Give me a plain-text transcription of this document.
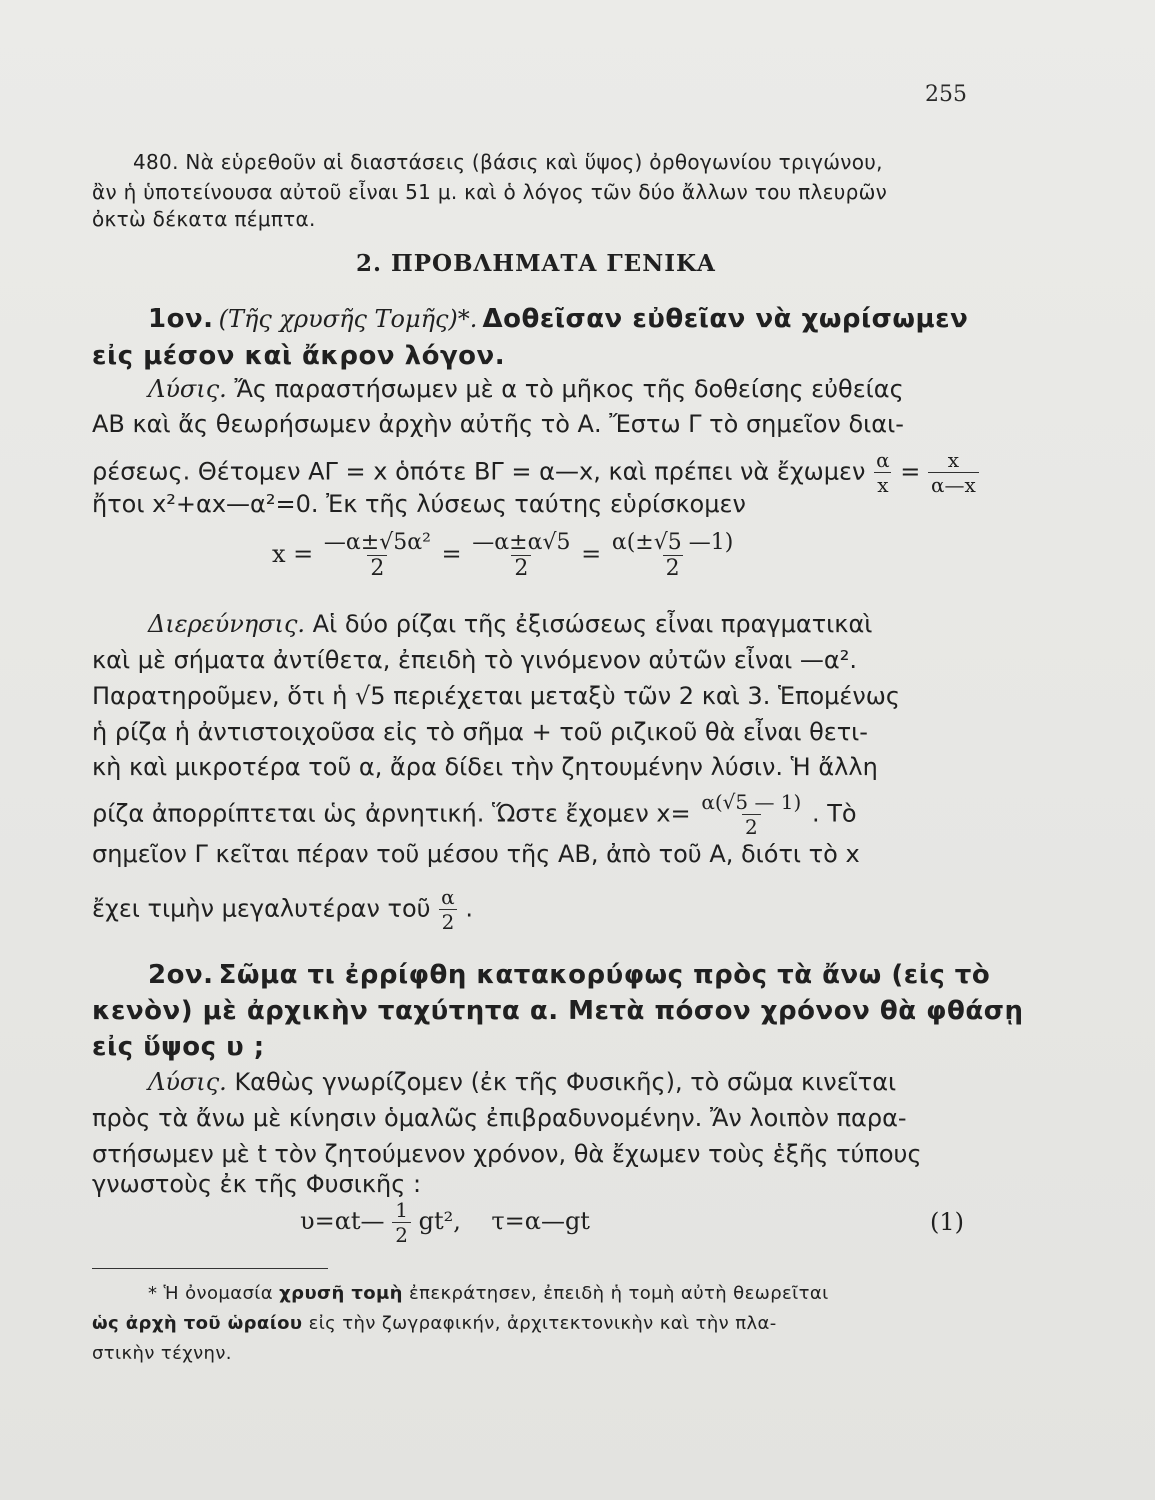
255
480. Νὰ εὑρεθοῦν αἱ διαστάσεις (βάσις καὶ ὕψος) ὀρθογωνίου τριγώνου,
ἂν ἡ ὑποτείνουσα αὐτοῦ εἶναι 51 μ. καὶ ὁ λόγος τῶν δύο ἄλλων του πλευρῶν
ὀκτὼ δέκατα πέμπτα.
2. ΠΡΟΒΛΗΜΑΤΑ ΓΕΝΙΚΑ
1ον. (Τῆς χρυσῆς Τομῆς)*. Δοθεῖσαν εὐθεῖαν νὰ χωρίσωμεν
εἰς μέσον καὶ ἄκρον λόγον.
Λύσις. Ἄς παραστήσωμεν μὲ α τὸ μῆκος τῆς δοθείσης εὐθείας
ΑΒ καὶ ἄς θεωρήσωμεν ἀρχὴν αὐτῆς τὸ Α. Ἔστω Γ τὸ σημεῖον διαι-
ρέσεως. Θέτομεν ΑΓ = x ὁπότε ΒΓ = α—x, καὶ πρέπει νὰ ἔχωμεν $\frac{\alpha}{x} = \frac{x}{\alpha—x}$
ἤτοι x²+αx—α²=0. Ἐκ τῆς λύσεως ταύτης εὑρίσκομεν
$x = \frac{\text{—α±√5α²}}{2} = \frac{—\alpha\pm\alpha√5}{2} = \frac{\alpha(\pm√5 —1)}{2}$
Διερεύνησις. Αἱ δύο ρίζαι τῆς ἐξισώσεως εἶναι πραγματικαὶ
καὶ μὲ σήματα ἀντίθετα, ἐπειδὴ τὸ γινόμενον αὐτῶν εἶναι —α².
Παρατηροῦμεν, ὅτι ἡ √5 περιέχεται μεταξὺ τῶν 2 καὶ 3. Ἑπομένως
ἡ ρίζα ἡ ἀντιστοιχοῦσα εἰς τὸ σῆμα + τοῦ ριζικοῦ θὰ εἶναι θετι-
κὴ καὶ μικροτέρα τοῦ α, ἄρα δίδει τὴν ζητουμένην λύσιν. Ἡ ἄλλη
ρίζα ἀπορρίπτεται ὡς ἀρνητική. Ὥστε ἔχομεν $x= \frac{\alpha(√5 — 1)}{2}$ . Τὸ
σημεῖον Γ κεῖται πέραν τοῦ μέσου τῆς ΑΒ, ἀπὸ τοῦ Α, διότι τὸ x
ἔχει τιμὴν μεγαλυτέραν τοῦ $\frac{\alpha}{2}$ .
2ον. Σῶμα τι ἐρρίφθη κατακορύφως πρὸς τὰ ἄνω (εἰς τὸ
κενὸν) μὲ ἀρχικὴν ταχύτητα α. Μετὰ πόσον χρόνον θὰ φθάσῃ
εἰς ὕψος υ ;
Λύσις. Καθὼς γνωρίζομεν (ἐκ τῆς Φυσικῆς), τὸ σῶμα κινεῖται
πρὸς τὰ ἄνω μὲ κίνησιν ὁμαλῶς ἐπιβραδυνομένην. Ἄν λοιπὸν παρα-
στήσωμεν μὲ t τὸν ζητούμενον χρόνον, θὰ ἔχωμεν τοὺς ἑξῆς τύπους
γνωστοὺς ἐκ τῆς Φυσικῆς :
υ=αt— $\frac{1}{2} gt^2$,    τ=α—gt	(1)
* Ἡ ὀνομασία χρυσῆ τομὴ ἐπεκράτησεν, ἐπειδὴ ἡ τομὴ αὐτὴ θεωρεῖται
ὡς ἀρχὴ τοῦ ὡραίου εἰς τὴν ζωγραφικήν, ἀρχιτεκτονικὴν καὶ τὴν πλα-
στικὴν τέχνην.
